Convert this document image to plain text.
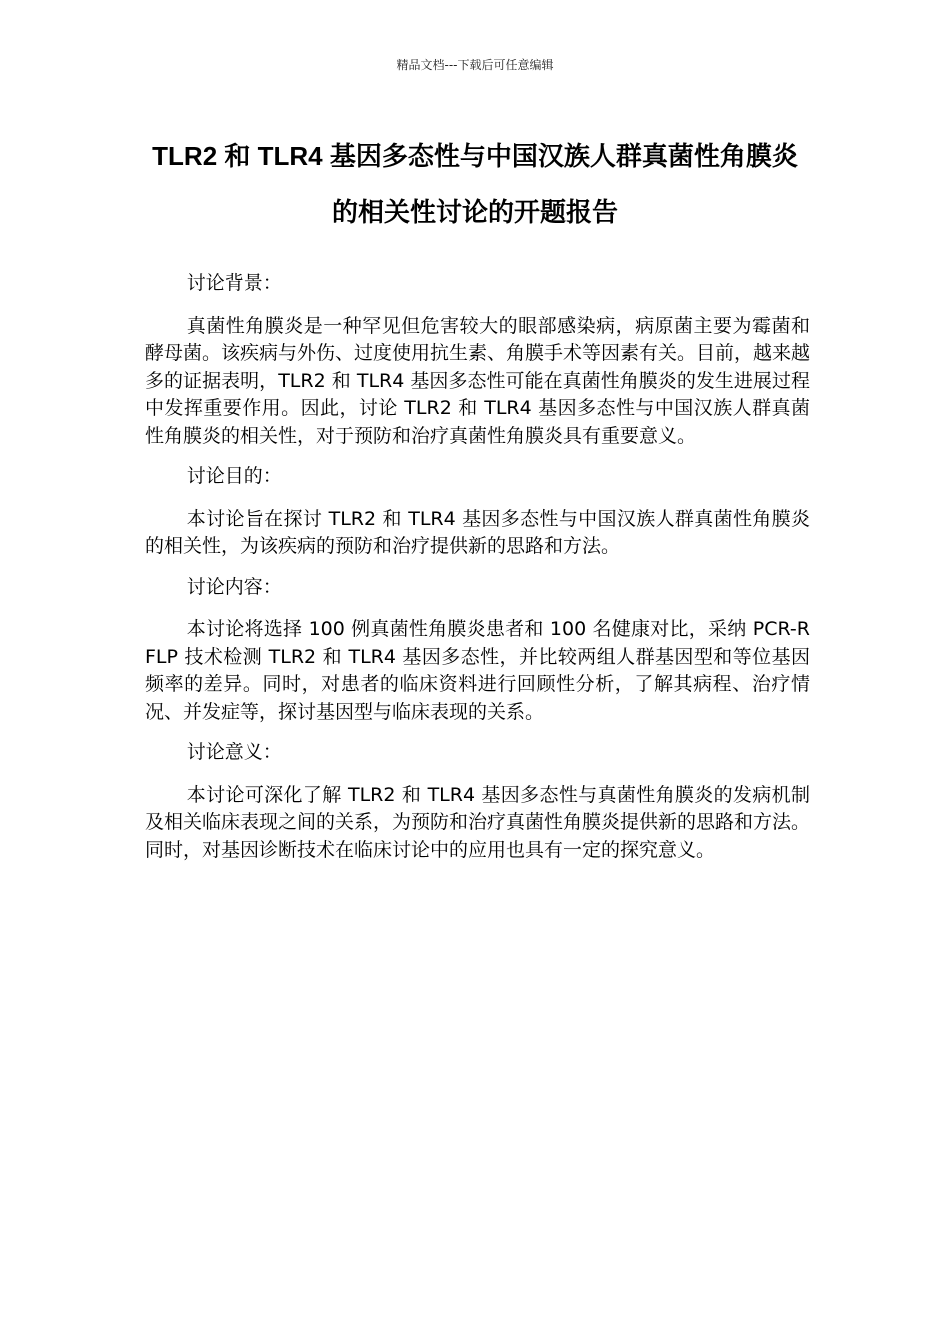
精品文档---下载后可任意编辑
TLR2 和 TLR4 基因多态性与中国汉族人群真菌性角膜炎的相关性讨论的开题报告

讨论背景：

真菌性角膜炎是一种罕见但危害较大的眼部感染病，病原菌主要为霉菌和酵母菌。该疾病与外伤、过度使用抗生素、角膜手术等因素有关。目前，越来越多的证据表明，TLR2 和 TLR4 基因多态性可能在真菌性角膜炎的发生进展过程中发挥重要作用。因此，讨论 TLR2 和 TLR4 基因多态性与中国汉族人群真菌性角膜炎的相关性，对于预防和治疗真菌性角膜炎具有重要意义。

讨论目的：

本讨论旨在探讨 TLR2 和 TLR4 基因多态性与中国汉族人群真菌性角膜炎的相关性，为该疾病的预防和治疗提供新的思路和方法。

讨论内容：

本讨论将选择 100 例真菌性角膜炎患者和 100 名健康对比，采纳 PCR-RFLP 技术检测 TLR2 和 TLR4 基因多态性，并比较两组人群基因型和等位基因频率的差异。同时，对患者的临床资料进行回顾性分析，了解其病程、治疗情况、并发症等，探讨基因型与临床表现的关系。

讨论意义：

本讨论可深化了解 TLR2 和 TLR4 基因多态性与真菌性角膜炎的发病机制及相关临床表现之间的关系，为预防和治疗真菌性角膜炎提供新的思路和方法。同时，对基因诊断技术在临床讨论中的应用也具有一定的探究意义。
